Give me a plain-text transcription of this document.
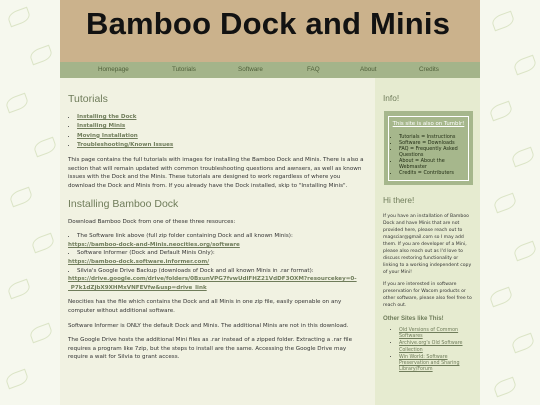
Bamboo Dock and Minis
Homepage	Tutorials	Software	FAQ	About	Credits
Tutorials
• Installing the Dock
• Installing Minis
• Moving Installation
• Troubleshooting/Known Issues

This page contains the full tutorials with images for installing the Bamboo Dock and Minis. There is also a section that will remain updated with common troubleshooting questions and awnsers, as well as known issues with the Dock and the Minis. These tutorials are designed to work regardless of where you download the Dock and Minis from. If you already have the Dock installed, skip to "Installing Minis".

Installing Bamboo Dock

Download Bamboo Dock from one of these three resources:

• The Software link above (full zip folder containing Dock and all known Minis):
https://bamboo-dock-and-Minis.neocities.org/software
• Software Informer (Dock and Default Minis Only):
https://bamboo-dock.software.informer.com/
• Silvia's Google Drive Backup (downloads of Dock and all known Minis in .rar format):
https://drive.google.com/drive/folders/0BxunVPG7fvwUdlFHZ21VdDF3OXM?resourcekey=0-_P7k1dZjbX9XHMxVNFEVfw&usp=drive_link

Neocities has the file which contains the Dock and all Minis in one zip file, easily openable on any computer without additional software.

Software Informer is ONLY the default Dock and Minis. The additional Minis are not in this download.

The Google Drive hosts the additional Mini files as .rar instead of a zipped folder. Extracting a .rar file requires a program like 7zip, but the steps to install are the same. Accessing the Google Drive may require a wait for Silvia to grant access.

Info!
This site is also on Tumblr!
• Tutorials = Instructions
• Software = Downloads
• FAQ = Frequently Asked Questions
• About = About the Webmaster
• Credits = Contributers
Hi there!

If you have an installation of Bamboo Dock and have Minis that are not provided here, please reach out to magsciar@gmail.com so I may add them. If you are developer of a Mini, please also reach out as I'd love to discuss restoring functionality or linking to a working independent copy of your Mini!

If you are interested in software preservation for Wacom products or other software, please also feel free to reach out.

Other Sites like This!
• Old Versions of Common Softwares
• Archive.org's Old Software Collection
• Win World: Software Preservation and Sharing Library/Forum
